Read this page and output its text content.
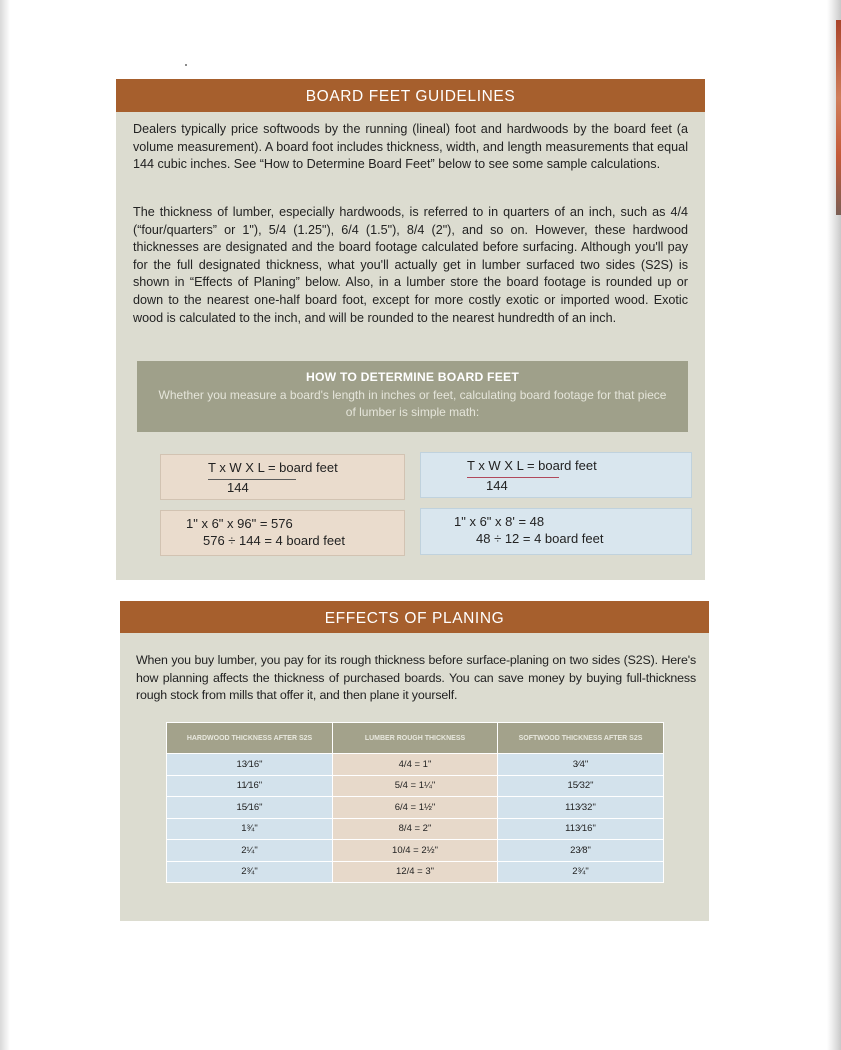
BOARD FEET GUIDELINES

Dealers typically price softwoods by the running (lineal) foot and hardwoods by the board feet (a volume measurement). A board foot includes thickness, width, and length measurements that equal 144 cubic inches. See “How to Determine Board Feet” below to see some sample calculations.

The thickness of lumber, especially hardwoods, is referred to in quarters of an inch, such as 4/4 (“four/quarters” or 1"), 5/4 (1.25"), 6/4 (1.5"), 8/4 (2"), and so on. However, these hardwood thicknesses are designated and the board footage calculated before surfacing. Although you'll pay for the full designated thickness, what you'll actually get in lumber surfaced two sides (S2S) is shown in “Effects of Planing” below. Also, in a lumber store the board footage is rounded up or down to the nearest one-half board foot, except for more costly exotic or imported wood. Exotic wood is calculated to the inch, and will be rounded to the nearest hundredth of an inch.

HOW TO DETERMINE BOARD FEET
Whether you measure a board's length in inches or feet, calculating board footage for that piece of lumber is simple math:
T x W X L = board feet
144
T x W X L = board feet
144
1" x 6" x 96" = 576
576 ÷ 144 = 4 board feet
1" x 6" x 8' = 48
48 ÷ 12 = 4 board feet
EFFECTS OF PLANING

When you buy lumber, you pay for its rough thickness before surface-planing on two sides (S2S). Here's how planning affects the thickness of purchased boards. You can save money by buying full-thickness rough stock from mills that offer it, and then plane it yourself.

HARDWOOD THICKNESS AFTER S2S	LUMBER ROUGH THICKNESS	SOFTWOOD THICKNESS AFTER S2S
13⁄16"	4/4 = 1"	3⁄4"
11⁄16"	5/4 = 1¼"	15⁄32"
15⁄16"	6/4 = 1½"	113⁄32"
1¾"	8/4 = 2"	113⁄16"
2¼"	10/4 = 2½"	23⁄8"
2¾"	12/4 = 3"	2¾"
